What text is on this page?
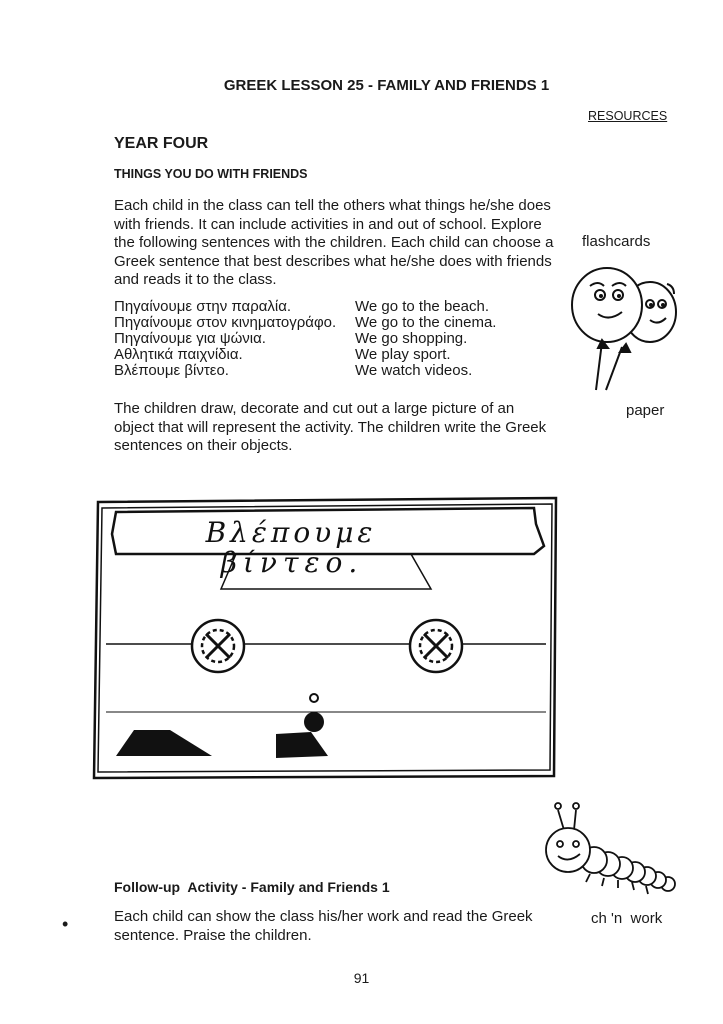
GREEK LESSON 25 - FAMILY AND FRIENDS 1
RESOURCES
YEAR FOUR
THINGS YOU DO WITH FRIENDS
Each child in the class can tell the others what things he/she does with friends. It can include activities in and out of school. Explore the following sentences with the children. Each child can choose a Greek sentence that best describes what he/she does with friends and reads it to the class.
Πηγαίνουμε στην παραλία.	We go to the beach.
Πηγαίνουμε στον κινηματογράφο.	We go to the cinema.
Πηγαίνουμε για ψώνια.	We go shopping.
Αθλητικά παιχνίδια.	We play sport.
Βλέπουμε βίντεο.	We watch videos.
The children draw, decorate and cut out a large picture of an object that will represent the activity. The children write the Greek sentences on their objects.
flashcards
paper
Βλέπουμε
βίντεο.
Follow-up  Activity - Family and Friends 1
•	Each child can show the class his/her work and read the Greek sentence. Praise the children.
ch 'n  work
91
